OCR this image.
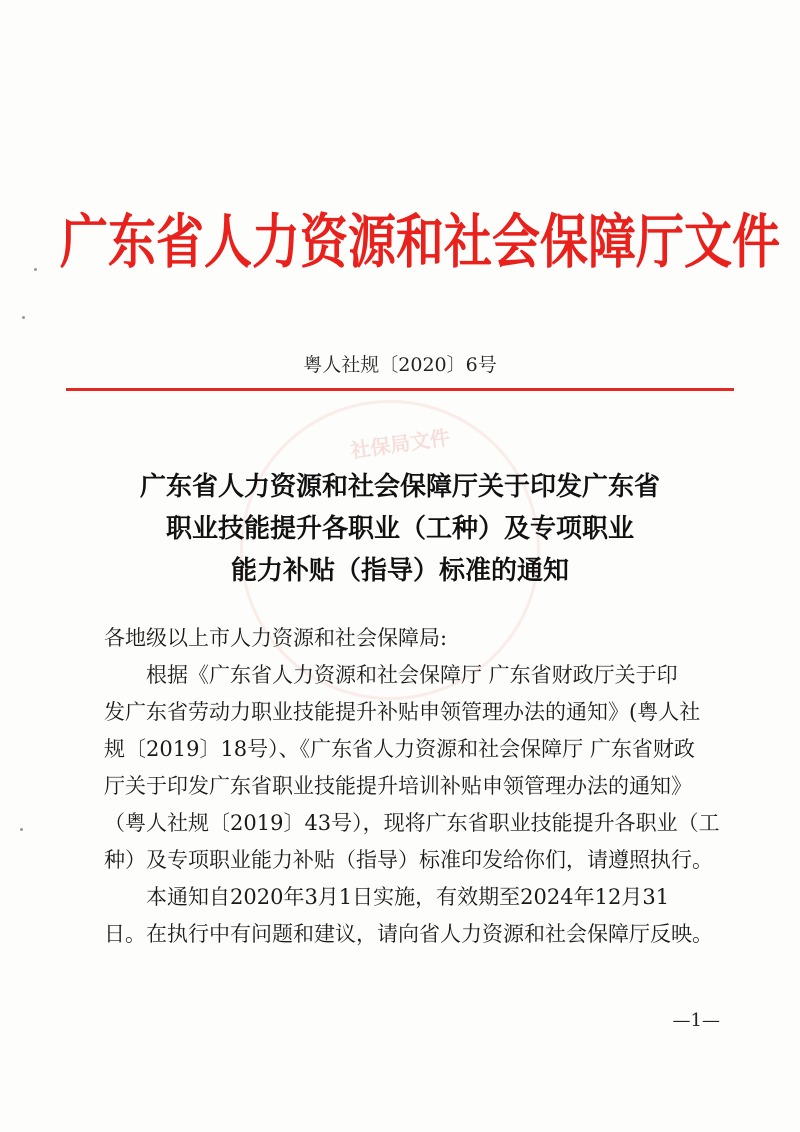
广东省人力资源和社会保障厅文件
粤人社规〔2020〕6号
社保局文件
广东省人力资源和社会保障厅关于印发广东省
职业技能提升各职业（工种）及专项职业
能力补贴（指导）标准的通知
各地级以上市人力资源和社会保障局:
根据《广东省人力资源和社会保障厅 广东省财政厅关于印
发广东省劳动力职业技能提升补贴申领管理办法的通知》(粤人社
规〔2019〕18号）、《广东省人力资源和社会保障厅 广东省财政
厅关于印发广东省职业技能提升培训补贴申领管理办法的通知》
（粤人社规〔2019〕43号），现将广东省职业技能提升各职业（工
种）及专项职业能力补贴（指导）标准印发给你们，请遵照执行。
本通知自2020年3月1日实施，有效期至2024年12月31
日。在执行中有问题和建议，请向省人力资源和社会保障厅反映。
—1—
